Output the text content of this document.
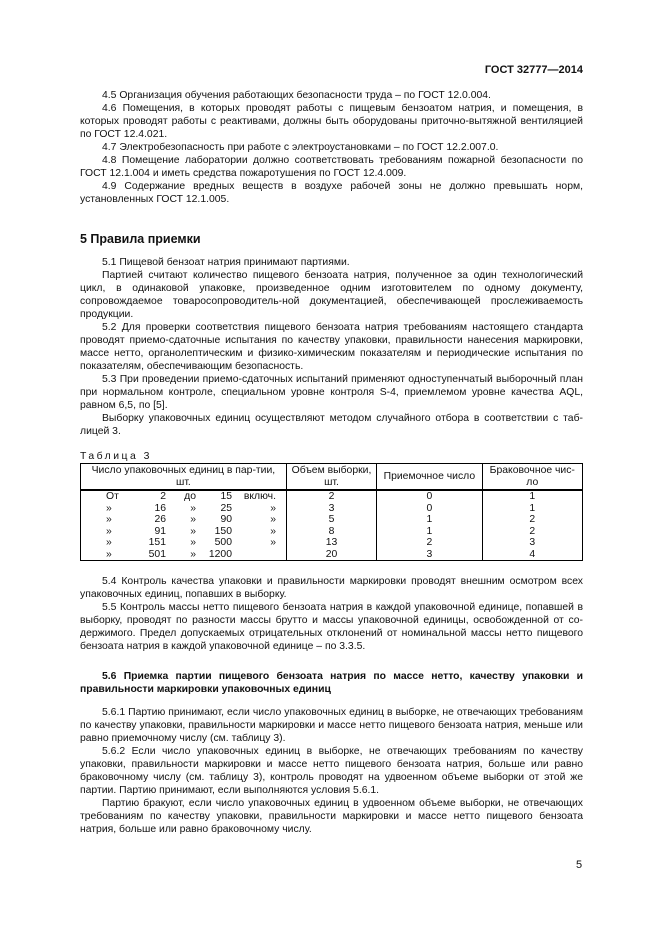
ГОСТ 32777—2014

4.5 Организация обучения работающих безопасности труда – по ГОСТ 12.0.004.

4.6 Помещения, в которых проводят работы с пищевым бензоатом натрия, и помещения, в которых проводят работы с реактивами, должны быть оборудованы приточно-вытяжной вентиляцией по ГОСТ 12.4.021.

4.7 Электробезопасность при работе с электроустановками – по ГОСТ 12.2.007.0.

4.8 Помещение лаборатории должно соответствовать требованиям пожарной безопасности по ГОСТ 12.1.004 и иметь средства пожаротушения по ГОСТ 12.4.009.

4.9 Содержание вредных веществ в воздухе рабочей зоны не должно превышать норм, установленных ГОСТ 12.1.005.

5 Правила приемки

5.1 Пищевой бензоат натрия принимают партиями.

Партией считают количество пищевого бензоата натрия, полученное за один технологический цикл, в одинаковой упаковке, произведенное одним изготовителем по одному документу, сопровождаемое товаросопроводитель-ной документацией, обеспечивающей прослеживаемость продукции.

5.2 Для проверки соответствия пищевого бензоата натрия требованиям настоящего стандарта проводят приемо-сдаточные испытания по качеству упаковки, правильности нанесения маркировки, массе нетто, органолептическим и физико-химическим показателям и периодические испытания по показателям, обеспечивающим безопасность.

5.3 При проведении приемо-сдаточных испытаний применяют одноступенчатый выборочный план при нормальном контроле, специальном уровне контроля S-4, приемлемом уровне качества AQL, равном 6,5, по [5].

Выборку упаковочных единиц осуществляют методом случайного отбора в соответствии с таб-лицей 3.

Таблица 3
Число упаковочных единиц в пар-тии, шт.	Объем выборки, шт.	Приемочное число	Браковочное чис-ло

От 2 до 15 включ.	2	0	1

» 16 » 25 »	3	0	1

» 26 » 90 »	5	1	2

» 91 » 150 »	8	1	2

» 151 » 500 »	13	2	3

» 501 » 1200	20	3	4

5.4 Контроль качества упаковки и правильности маркировки проводят внешним осмотром всех упаковочных единиц, попавших в выборку.

5.5 Контроль массы нетто пищевого бензоата натрия в каждой упаковочной единице, попавшей в выборку, проводят по разности массы брутто и массы упаковочной единицы, освобожденной от со-держимого. Предел допускаемых отрицательных отклонений от номинальной массы нетто пищевого бензоата натрия в каждой упаковочной единице – по 3.3.5.

5.6 Приемка партии пищевого бензоата натрия по массе нетто, качеству упаковки и правильности маркировки упаковочных единиц

5.6.1 Партию принимают, если число упаковочных единиц в выборке, не отвечающих требованиям по качеству упаковки, правильности маркировки и массе нетто пищевого бензоата натрия, меньше или равно приемочному числу (см. таблицу 3).

5.6.2 Если число упаковочных единиц в выборке, не отвечающих требованиям по качеству упаковки, правильности маркировки и массе нетто пищевого бензоата натрия, больше или равно браковочному числу (см. таблицу 3), контроль проводят на удвоенном объеме выборки от этой же партии. Партию принимают, если выполняются условия 5.6.1.

Партию бракуют, если число упаковочных единиц в удвоенном объеме выборки, не отвечающих требованиям по качеству упаковки, правильности маркировки и массе нетто пищевого бензоата натрия, больше или равно браковочному числу.

5
